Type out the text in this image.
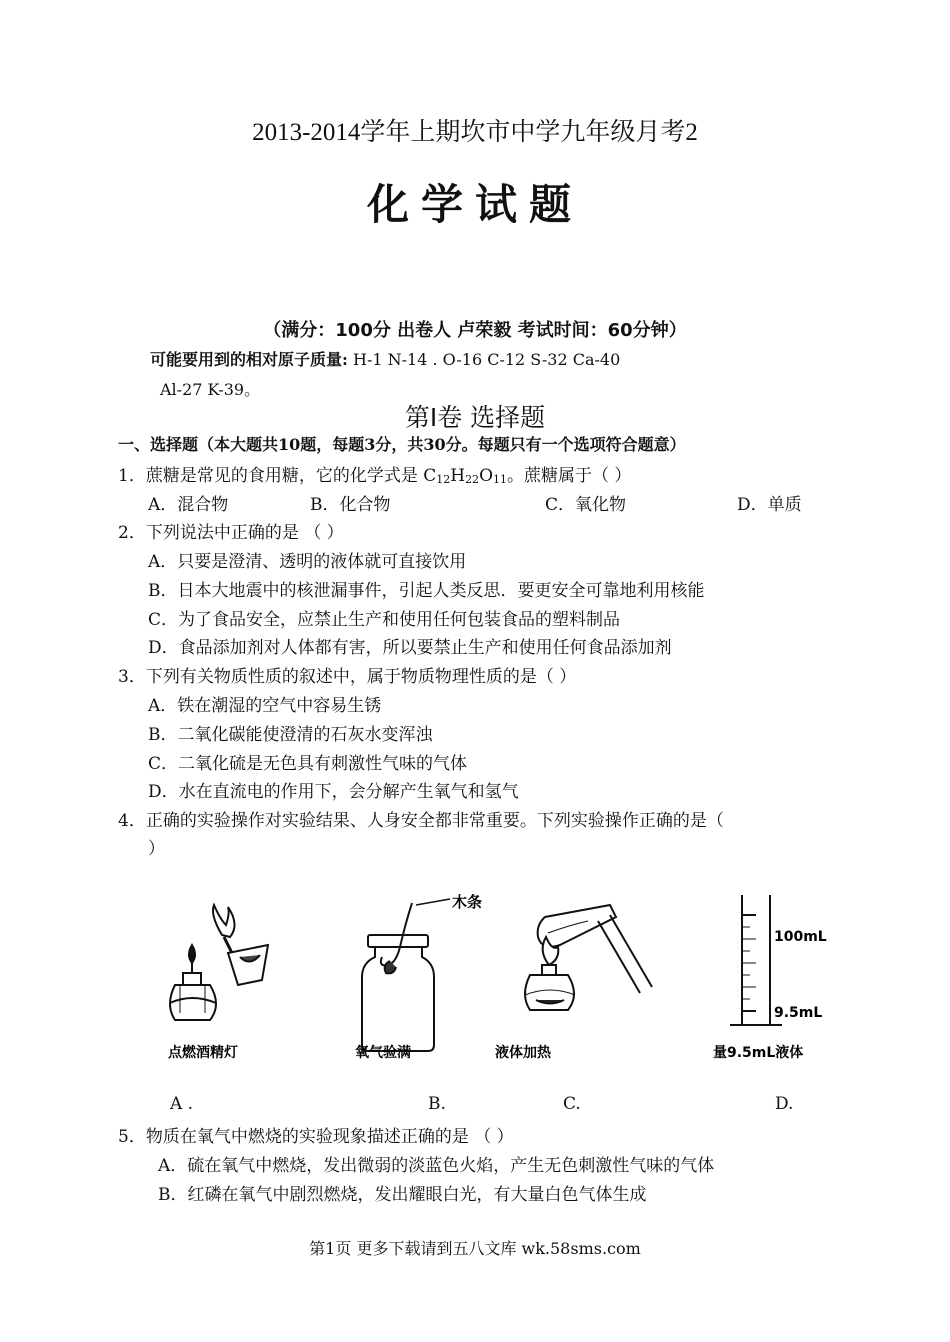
2013-2014学年上期坎市中学九年级月考2
化学试题
（满分：100分 出卷人 卢荣毅 考试时间：60分钟）
可能要用到的相对原子质量: H-1 N-14 . O-16 C-12 S-32 Ca-40
Al-27 K-39。
第Ⅰ卷 选择题
一、选择题（本大题共10题，每题3分，共30分。每题只有一个选项符合题意）
1．蔗糖是常见的食用糖，它的化学式是 C12H22O11。蔗糖属于（ ）
A．混合物	B．化合物	C．氧化物	D．单质
2．下列说法中正确的是 （ ）
A．只要是澄清、透明的液体就可直接饮用
B．日本大地震中的核泄漏事件，引起人类反思．要更安全可靠地利用核能
C．为了食品安全，应禁止生产和使用任何包装食品的塑料制品
D．食品添加剂对人体都有害，所以要禁止生产和使用任何食品添加剂
3．下列有关物质性质的叙述中，属于物质物理性质的是（ ）
A．铁在潮湿的空气中容易生锈
B．二氧化碳能使澄清的石灰水变浑浊
C．二氧化硫是无色具有刺激性气味的气体
D．水在直流电的作用下，会分解产生氧气和氢气
4．正确的实验操作对实验结果、人身安全都非常重要。下列实验操作正确的是（
）
木条
100mL
9.5mL
点燃酒精灯	氧气验满	液体加热	量9.5mL液体
A .	B.	C.	D.
5．物质在氧气中燃烧的实验现象描述正确的是 （ ）
A．硫在氧气中燃烧，发出微弱的淡蓝色火焰，产生无色刺激性气味的气体
B．红磷在氧气中剧烈燃烧，发出耀眼白光，有大量白色气体生成
第1页 更多下载请到五八文库 wk.58sms.com
